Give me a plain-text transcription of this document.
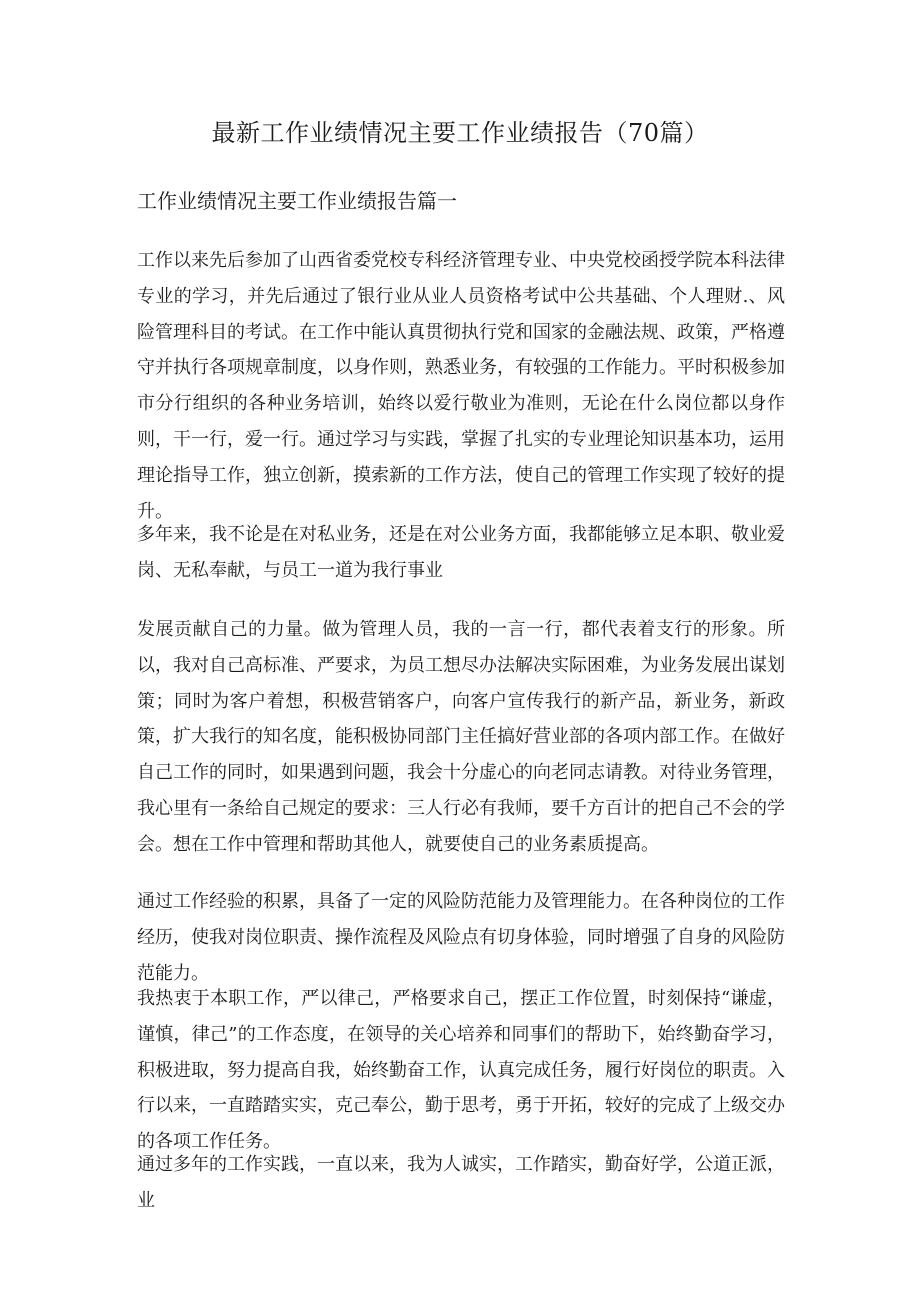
最新工作业绩情况主要工作业绩报告（70篇）
工作业绩情况主要工作业绩报告篇一

工作以来先后参加了山西省委党校专科经济管理专业、中央党校函授学院本科法律专业的学习，并先后通过了银行业从业人员资格考试中公共基础、个人理财.、风险管理科目的考试。在工作中能认真贯彻执行党和国家的金融法规、政策，严格遵守并执行各项规章制度，以身作则，熟悉业务，有较强的工作能力。平时积极参加市分行组织的各种业务培训，始终以爱行敬业为准则，无论在什么岗位都以身作则，干一行，爱一行。通过学习与实践，掌握了扎实的专业理论知识基本功，运用理论指导工作，独立创新，摸索新的工作方法，使自己的管理工作实现了较好的提升。

多年来，我不论是在对私业务，还是在对公业务方面，我都能够立足本职、敬业爱岗、无私奉献，与员工一道为我行事业

发展贡献自己的力量。做为管理人员，我的一言一行，都代表着支行的形象。所以，我对自己高标准、严要求，为员工想尽办法解决实际困难，为业务发展出谋划策；同时为客户着想，积极营销客户，向客户宣传我行的新产品，新业务，新政策，扩大我行的知名度，能积极协同部门主任搞好营业部的各项内部工作。在做好自己工作的同时，如果遇到问题，我会十分虚心的向老同志请教。对待业务管理，我心里有一条给自己规定的要求：三人行必有我师，要千方百计的把自己不会的学会。想在工作中管理和帮助其他人，就要使自己的业务素质提高。

通过工作经验的积累，具备了一定的风险防范能力及管理能力。在各种岗位的工作经历，使我对岗位职责、操作流程及风险点有切身体验，同时增强了自身的风险防范能力。

我热衷于本职工作，严以律己，严格要求自己，摆正工作位置，时刻保持“谦虚，谨慎，律己”的工作态度，在领导的关心培养和同事们的帮助下，始终勤奋学习，积极进取，努力提高自我，始终勤奋工作，认真完成任务，履行好岗位的职责。入行以来，一直踏踏实实，克己奉公，勤于思考，勇于开拓，较好的完成了上级交办的各项工作任务。

通过多年的工作实践，一直以来，我为人诚实，工作踏实，勤奋好学，公道正派，业
